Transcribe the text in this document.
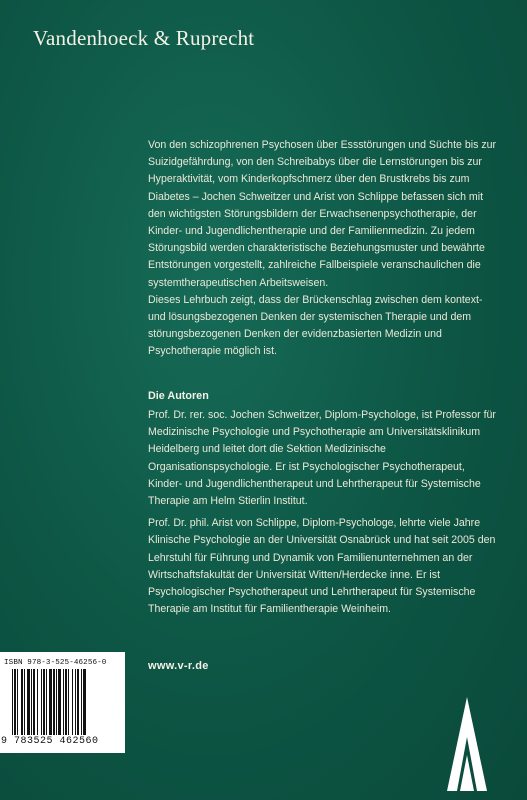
Vandenhoeck & Ruprecht

Von den schizophrenen Psychosen über Essstörungen und Süchte bis zur Suizidgefährdung, von den Schreibabys über die Lernstörungen bis zur Hyperaktivität, vom Kinderkopfschmerz über den Brustkrebs bis zum Diabetes – Jochen Schweitzer und Arist von Schlippe befassen sich mit den wichtigsten Störungsbildern der Erwachsenenpsychotherapie, der Kinder- und Jugendlichentherapie und der Familienmedizin. Zu jedem Störungsbild werden charakteristische Beziehungsmuster und bewährte Entstörungen vorgestellt, zahlreiche Fallbeispiele veranschaulichen die systemtherapeutischen Arbeitsweisen.

Dieses Lehrbuch zeigt, dass der Brückenschlag zwischen dem kontext- und lösungsbezogenen Denken der systemischen Therapie und dem störungsbezogenen Denken der evidenzbasierten Medizin und Psychotherapie möglich ist.

Die Autoren

Prof. Dr. rer. soc. Jochen Schweitzer, Diplom-Psychologe, ist Professor für Medizinische Psychologie und Psychotherapie am Universitätsklinikum Heidelberg und leitet dort die Sektion Medizinische Organisationspsychologie. Er ist Psychologischer Psychotherapeut, Kinder- und Jugendlichentherapeut und Lehrtherapeut für Systemische Therapie am Helm Stierlin Institut.

Prof. Dr. phil. Arist von Schlippe, Diplom-Psychologe, lehrte viele Jahre Klinische Psychologie an der Universität Osnabrück und hat seit 2005 den Lehrstuhl für Führung und Dynamik von Familienunternehmen an der Wirtschaftsfakultät der Universität Witten/Herdecke inne. Er ist Psychologischer Psychotherapeut und Lehrtherapeut für Systemische Therapie am Institut für Familientherapie Weinheim.

www.v-r.de
ISBN 978-3-525-46256-0
9 783525 462560
